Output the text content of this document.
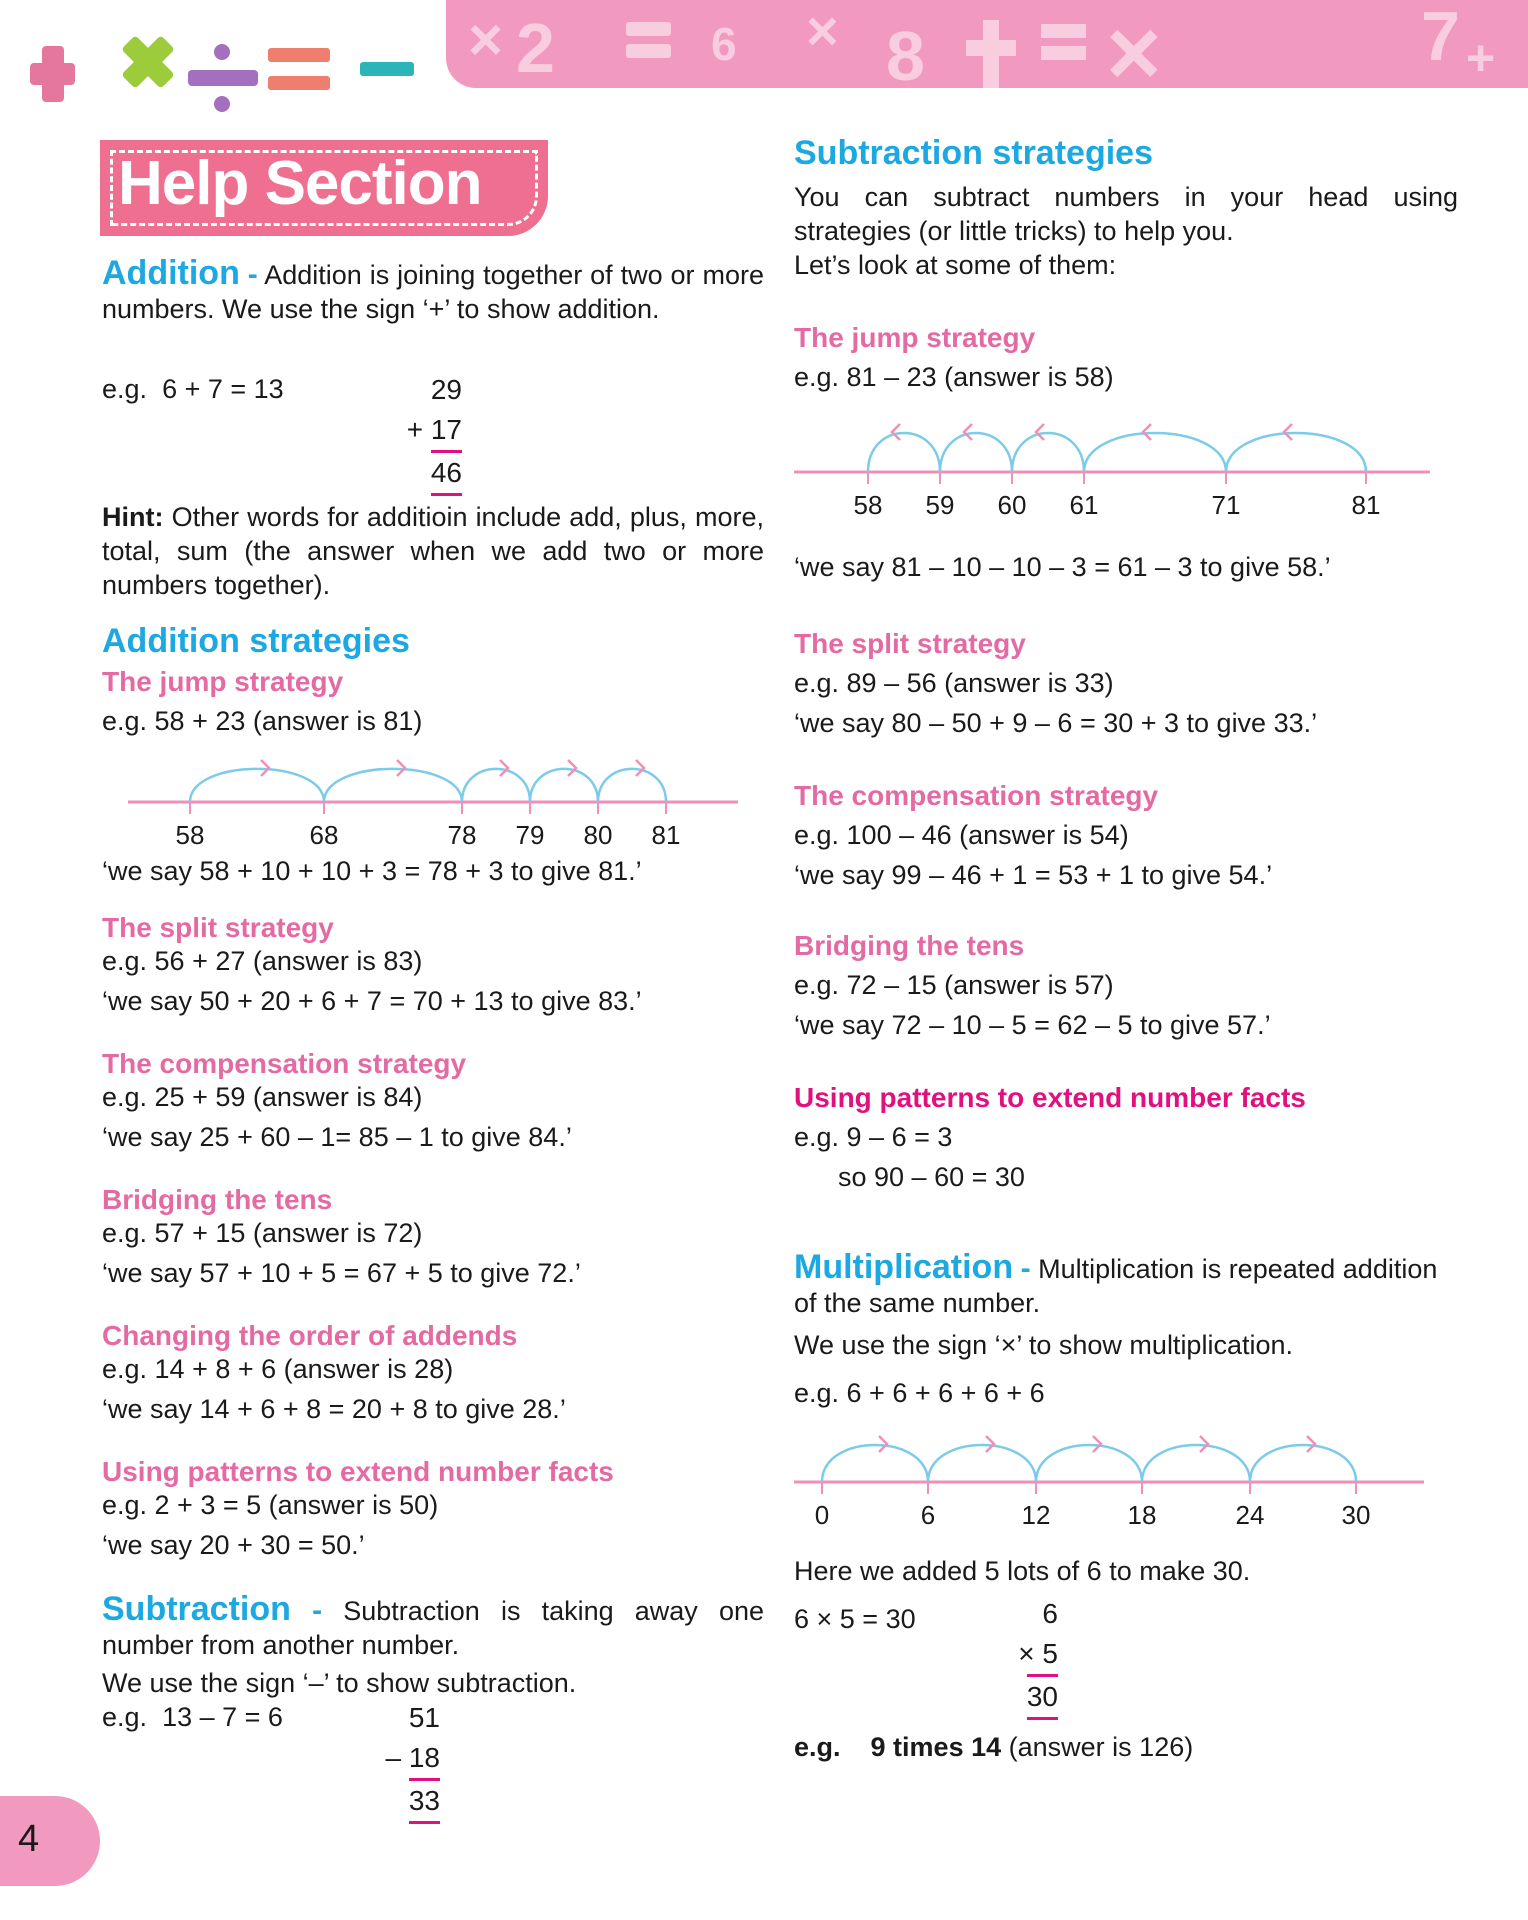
2	8	7
6
×	×	×	+
Help Section
Addition - Addition is joining together of two or more numbers. We use the sign ‘+’ to show addition.
e.g. 6 + 7 = 13	29
+ 17
46
Hint: Other words for additioin include add, plus, more, total, sum (the answer when we add two or more numbers together).
Addition strategies
The jump strategy
e.g. 58 + 23 (answer is 81)
58	68	78 79 80 81
‘we say 58 + 10 + 10 + 3 = 78 + 3 to give 81.’
The split strategy
e.g. 56 + 27 (answer is 83)
‘we say 50 + 20 + 6 + 7 = 70 + 13 to give 83.’
The compensation strategy
e.g. 25 + 59 (answer is 84)
‘we say 25 + 60 – 1= 85 – 1 to give 84.’
Bridging the tens
e.g. 57 + 15 (answer is 72)
‘we say 57 + 10 + 5 = 67 + 5 to give 72.’
Changing the order of addends
e.g. 14 + 8 + 6 (answer is 28)
‘we say 14 + 6 + 8 = 20 + 8 to give 28.’
Using patterns to extend number facts
e.g. 2 + 3 = 5 (answer is 50)
‘we say 20 + 30 = 50.’
Subtraction - Subtraction is taking away one number from another number.
We use the sign ‘–’ to show subtraction.
e.g. 13 – 7 = 6	51
– 18
33
Subtraction strategies
You can subtract numbers in your head using strategies (or little tricks) to help you.
Let’s look at some of them:
The jump strategy
e.g. 81 – 23 (answer is 58)
58 59 60 61	71	81
‘we say 81 – 10 – 10 – 3 = 61 – 3 to give 58.’
The split strategy
e.g. 89 – 56 (answer is 33)
‘we say 80 – 50 + 9 – 6 = 30 + 3 to give 33.’
The compensation strategy
e.g. 100 – 46 (answer is 54)
‘we say 99 – 46 + 1 = 53 + 1 to give 54.’
Bridging the tens
e.g. 72 – 15 (answer is 57)
‘we say 72 – 10 – 5 = 62 – 5 to give 57.’
Using patterns to extend number facts
e.g. 9 – 6 = 3
so 90 – 60 = 30
Multiplication - Multiplication is repeated addition of the same number.
We use the sign ‘×’ to show multiplication.
e.g. 6 + 6 + 6 + 6 + 6
0	6	12	18	24	30
Here we added 5 lots of 6 to make 30.
6 × 5 = 30	6
× 5
30
e.g. 9 times 14 (answer is 126)
4
